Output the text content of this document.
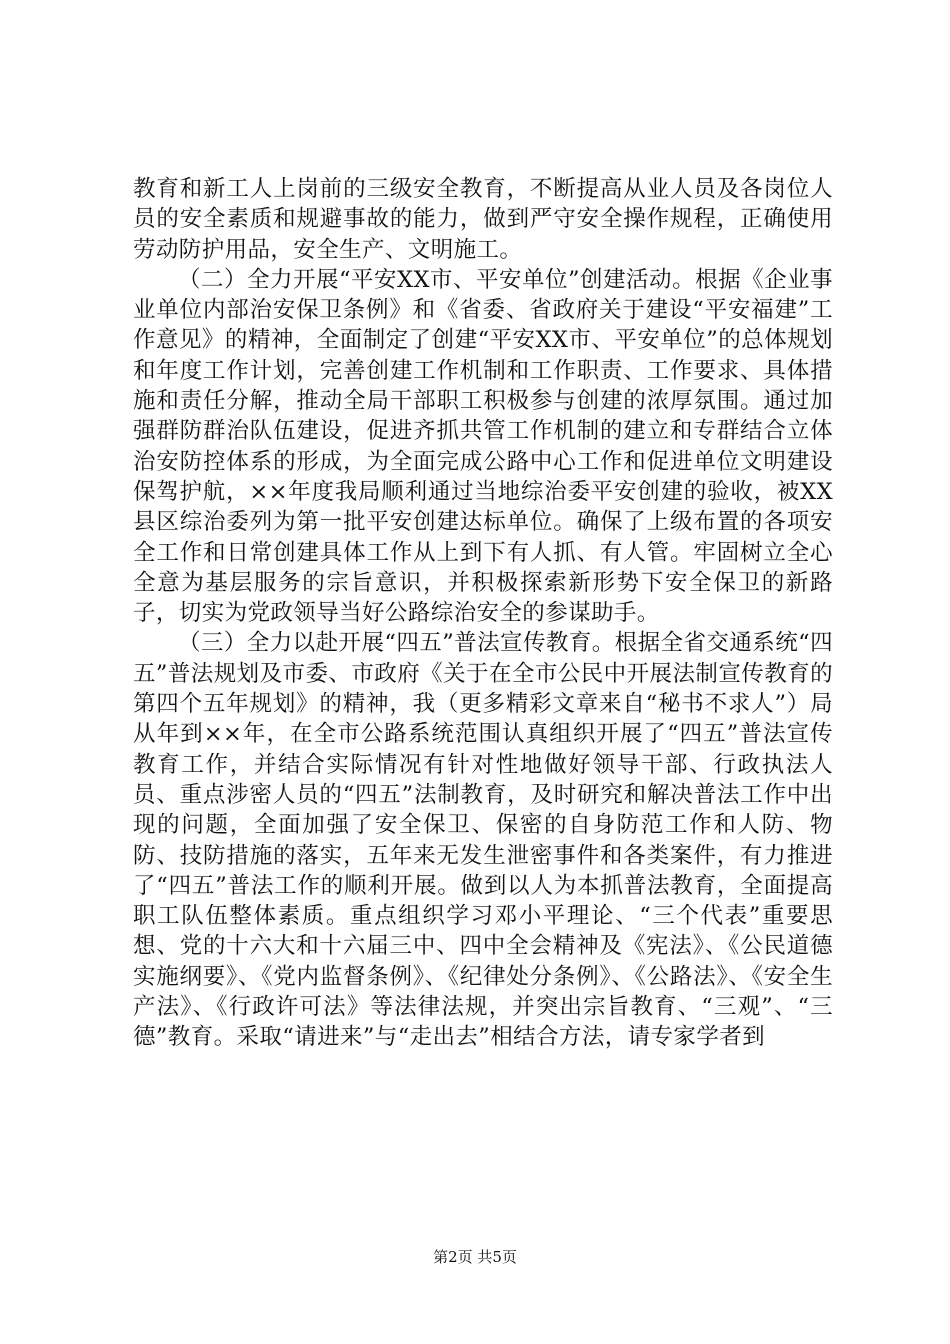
教育和新工人上岗前的三级安全教育，不断提高从业人员及各岗位人员的安全素质和规避事故的能力，做到严守安全操作规程，正确使用劳动防护用品，安全生产、文明施工。

（二）全力开展“平安XX市、平安单位”创建活动。根据《企业事业单位内部治安保卫条例》和《省委、省政府关于建设“平安福建”工作意见》的精神，全面制定了创建“平安XX市、平安单位”的总体规划和年度工作计划，完善创建工作机制和工作职责、工作要求、具体措施和责任分解，推动全局干部职工积极参与创建的浓厚氛围。通过加强群防群治队伍建设，促进齐抓共管工作机制的建立和专群结合立体治安防控体系的形成，为全面完成公路中心工作和促进单位文明建设保驾护航，××年度我局顺利通过当地综治委平安创建的验收，被XX县区综治委列为第一批平安创建达标单位。确保了上级布置的各项安全工作和日常创建具体工作从上到下有人抓、有人管。牢固树立全心全意为基层服务的宗旨意识，并积极探索新形势下安全保卫的新路子，切实为党政领导当好公路综治安全的参谋助手。

（三）全力以赴开展“四五”普法宣传教育。根据全省交通系统“四五”普法规划及市委、市政府《关于在全市公民中开展法制宣传教育的第四个五年规划》的精神，我（更多精彩文章来自“秘书不求人”）局从年到××年，在全市公路系统范围认真组织开展了“四五”普法宣传教育工作，并结合实际情况有针对性地做好领导干部、行政执法人员、重点涉密人员的“四五”法制教育，及时研究和解决普法工作中出现的问题，全面加强了安全保卫、保密的自身防范工作和人防、物防、技防措施的落实，五年来无发生泄密事件和各类案件，有力推进了“四五”普法工作的顺利开展。做到以人为本抓普法教育，全面提高职工队伍整体素质。重点组织学习邓小平理论、“三个代表”重要思想、党的十六大和十六届三中、四中全会精神及《宪法》、《公民道德实施纲要》、《党内监督条例》、《纪律处分条例》、《公路法》、《安全生产法》、《行政许可法》等法律法规，并突出宗旨教育、“三观”、“三德”教育。采取“请进来”与“走出去”相结合方法，请专家学者到

第2页 共5页
